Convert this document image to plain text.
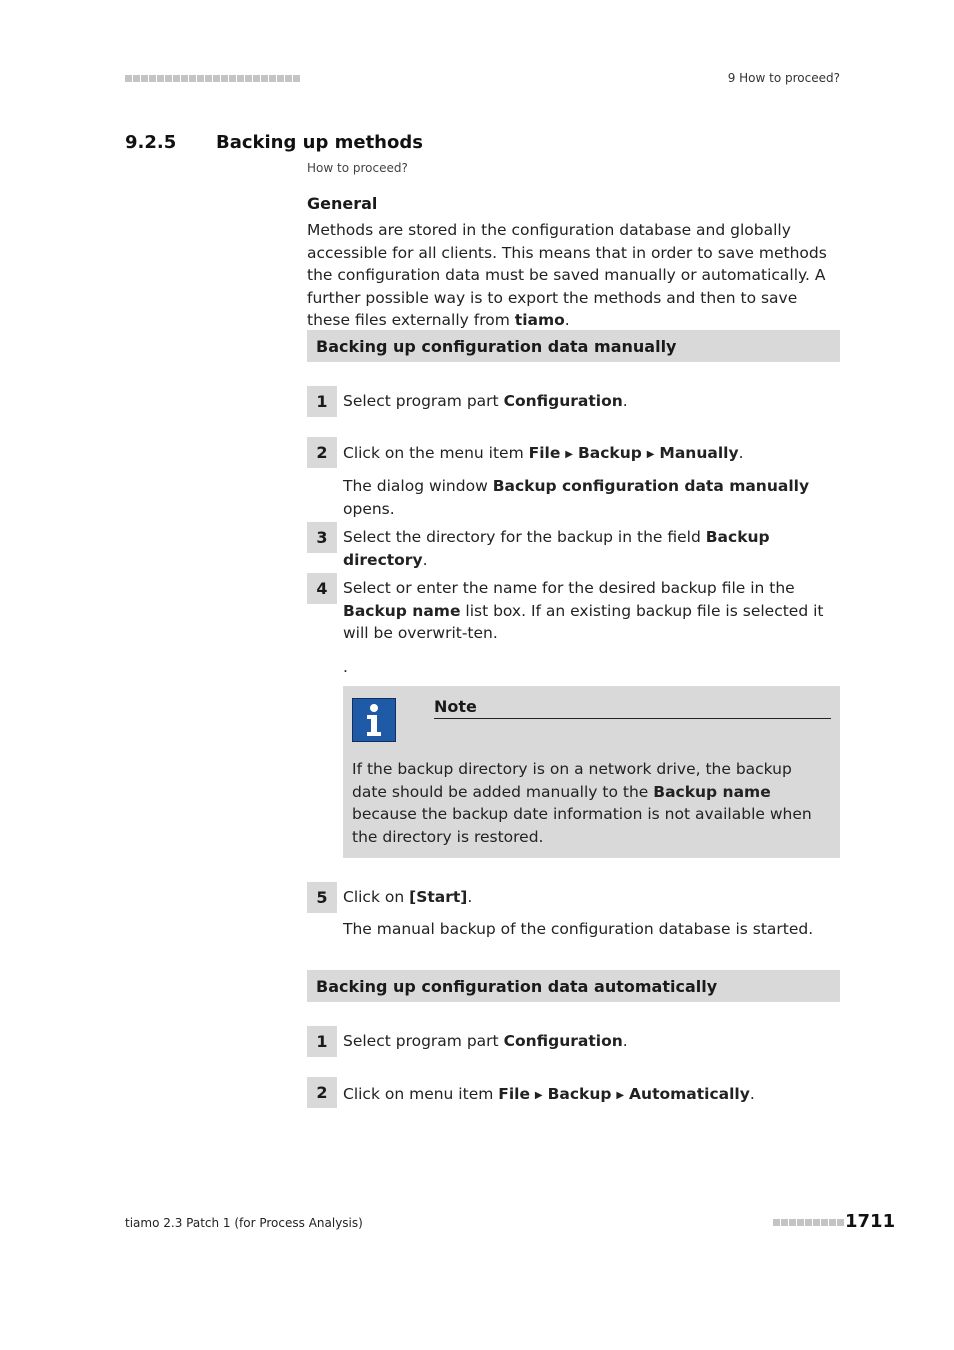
9 How to proceed?
9.2.5 Backing up methods
How to proceed?
General
Methods are stored in the configuration database and globally accessible for all clients. This means that in order to save methods the configuration data must be saved manually or automatically. A further possible way is to export the methods and then to save these files externally from tiamo.
Backing up configuration data manually
1 Select program part Configuration.
2 Click on the menu item File ▶ Backup ▶ Manually.
The dialog window Backup configuration data manually opens.
3 Select the directory for the backup in the field Backup directory.
4 Select or enter the name for the desired backup file in the Backup name list box. If an existing backup file is selected it will be overwrit-ten.
.
Note
If the backup directory is on a network drive, the backup date should be added manually to the Backup name because the backup date information is not available when the directory is restored.
5 Click on [Start].
The manual backup of the configuration database is started.
Backing up configuration data automatically
1 Select program part Configuration.
2 Click on menu item File ▶ Backup ▶ Automatically.
tiamo 2.3 Patch 1 (for Process Analysis)	1711
